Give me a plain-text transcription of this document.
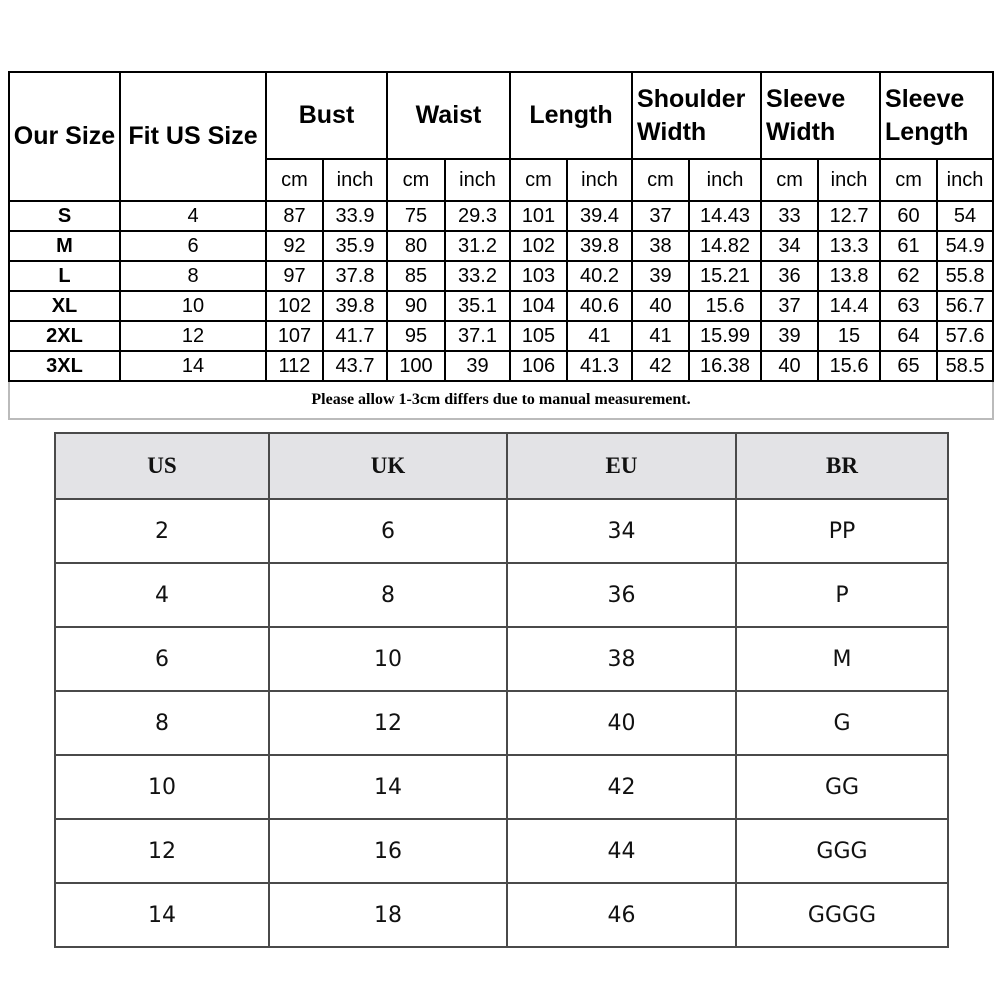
Our Size	Fit US Size	Bust		Waist		Length		Shoulder Width		Sleeve Width		Sleeve Length	
		cm	inch	cm	inch	cm	inch	cm	inch	cm	inch	cm	inch
S	4	87	33.9	75	29.3	101	39.4	37	14.43	33	12.7	60	54
M	6	92	35.9	80	31.2	102	39.8	38	14.82	34	13.3	61	54.9
L	8	97	37.8	85	33.2	103	40.2	39	15.21	36	13.8	62	55.8
XL	10	102	39.8	90	35.1	104	40.6	40	15.6	37	14.4	63	56.7
2XL	12	107	41.7	95	37.1	105	41	41	15.99	39	15	64	57.6
3XL	14	112	43.7	100	39	106	41.3	42	16.38	40	15.6	65	58.5
Please allow 1-3cm differs due to manual measurement.													
US	UK	EU	BR
2	6	34	PP
4	8	36	P
6	10	38	M
8	12	40	G
10	14	42	GG
12	16	44	GGG
14	18	46	GGGG
